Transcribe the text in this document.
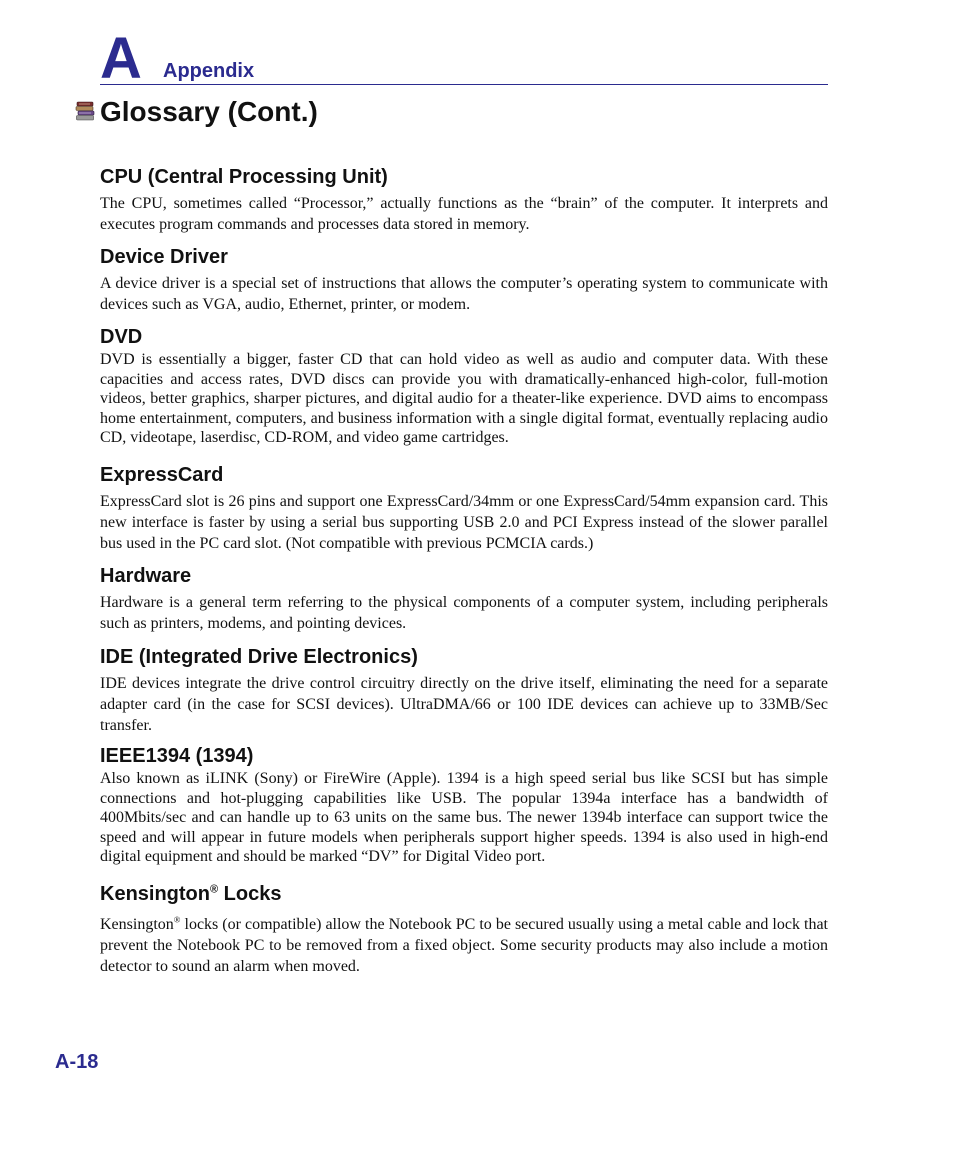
A Appendix
Glossary (Cont.)
CPU (Central Processing Unit)

The CPU, sometimes called “Processor,” actually functions as the “brain” of the computer. It interprets and executes program commands and processes data stored in memory.

Device Driver

A device driver is a special set of instructions that allows the computer’s operating system to communicate with devices such as VGA, audio, Ethernet, printer, or modem.

DVD

DVD is essentially a bigger, faster CD that can hold video as well as audio and computer data. With these capacities and access rates, DVD discs can provide you with dramatically-enhanced high-color, full-motion videos, better graphics, sharper pictures, and digital audio for a theater-like experience. DVD aims to encompass home entertainment, computers, and business information with a single digital format, eventually replacing audio CD, videotape, laserdisc, CD-ROM, and video game cartridges.

ExpressCard

ExpressCard slot is 26 pins and support one ExpressCard/34mm or one ExpressCard/54mm expansion card. This new interface is faster by using a serial bus supporting USB 2.0 and PCI Express instead of the slower parallel bus used in the PC card slot. (Not compatible with previous PCMCIA cards.)

Hardware

Hardware is a general term referring to the physical components of a computer system, including peripherals such as printers, modems, and pointing devices.

IDE (Integrated Drive Electronics)

IDE devices integrate the drive control circuitry directly on the drive itself, eliminating the need for a separate adapter card (in the case for SCSI devices). UltraDMA/66 or 100 IDE devices can achieve up to 33MB/Sec transfer.

IEEE1394 (1394)

Also known as iLINK (Sony) or FireWire (Apple). 1394 is a high speed serial bus like SCSI but has simple connections and hot-plugging capabilities like USB. The popular 1394a interface has a bandwidth of 400Mbits/sec and can handle up to 63 units on the same bus. The newer 1394b interface can support twice the speed and will appear in future models when peripherals support higher speeds. 1394 is also used in high-end digital equipment and should be marked “DV” for Digital Video port.

Kensington® Locks

Kensington® locks (or compatible) allow the Notebook PC to be secured usually using a metal cable and lock that prevent the Notebook PC to be removed from a fixed object. Some security products may also include a motion detector to sound an alarm when moved.

A-18
